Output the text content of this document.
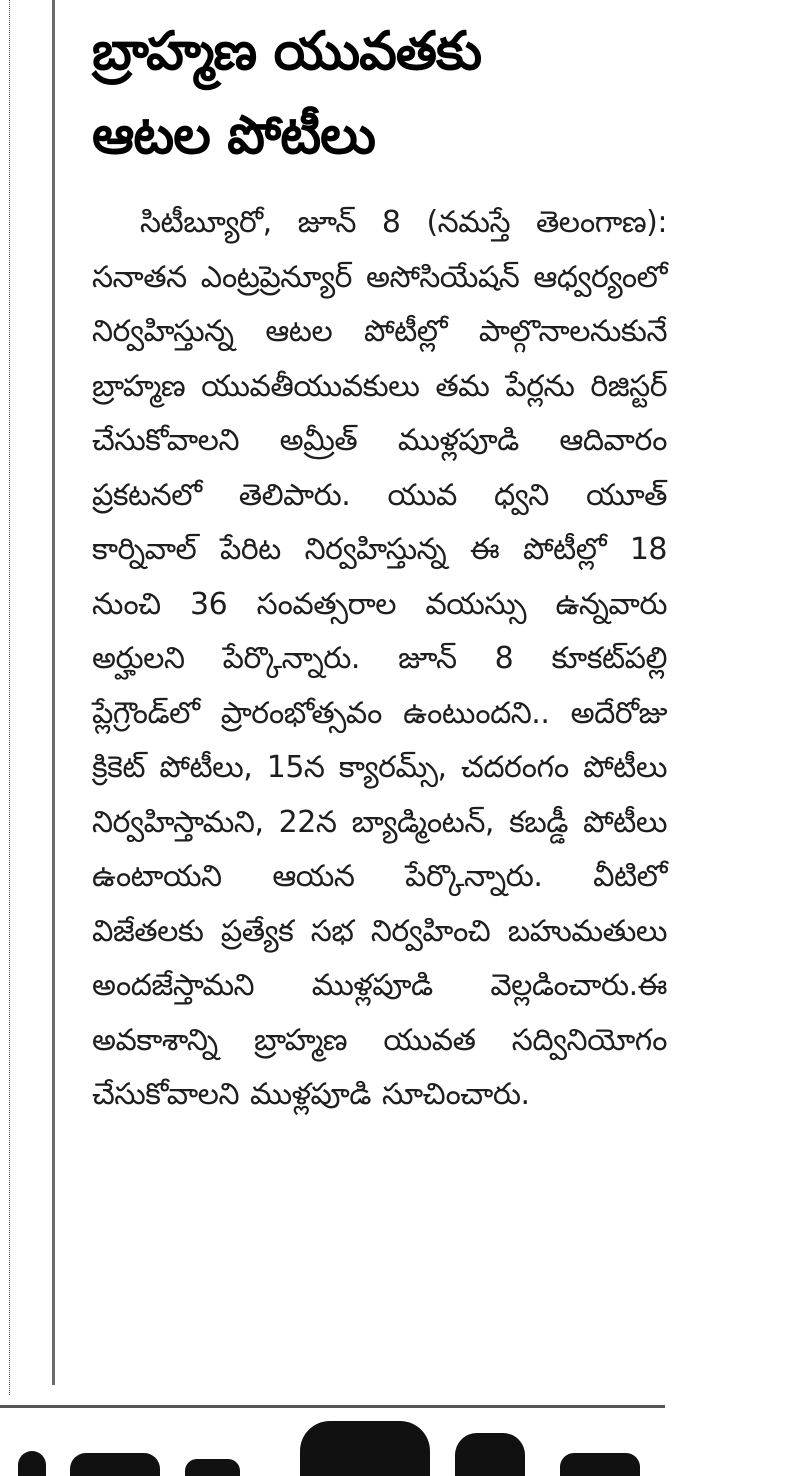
బ్రాహ్మణ యువతకు
ఆటల పోటీలు

సిటీబ్యూరో, జూన్ 8 (నమస్తే తెలంగాణ): సనాతన ఎంట్రప్రెన్యూర్ అసోసియేషన్ ఆధ్వర్యంలో నిర్వహిస్తున్న ఆటల పోటీల్లో పాల్గొనాలనుకునే బ్రాహ్మణ యువతీయువకులు తమ పేర్లను రిజిస్టర్ చేసుకోవాలని అమ్రీత్ ముళ్లపూడి ఆదివారం ప్రకటనలో తెలిపారు. యువ ధ్వని యూత్ కార్నివాల్ పేరిట నిర్వహిస్తున్న ఈ పోటీల్లో 18 నుంచి 36 సంవత్సరాల వయస్సు ఉన్నవారు అర్హులని పేర్కొన్నారు. జూన్ 8 కూకట్‌పల్లి ప్లేగ్రౌండ్‌లో ప్రారంభోత్సవం ఉంటుందని.. అదేరోజు క్రికెట్ పోటీలు, 15న క్యారమ్స్, చదరంగం పోటీలు నిర్వహిస్తామని, 22న బ్యాడ్మింటన్, కబడ్డీ పోటీలు ఉంటాయని ఆయన పేర్కొన్నారు. వీటిలో విజేతలకు ప్రత్యేక సభ నిర్వహించి బహుమతులు అందజేస్తామని ముళ్లపూడి వెల్లడించారు.ఈ అవకాశాన్ని బ్రాహ్మణ యువత సద్వినియోగం చేసుకోవాలని ముళ్లపూడి సూచించారు.
